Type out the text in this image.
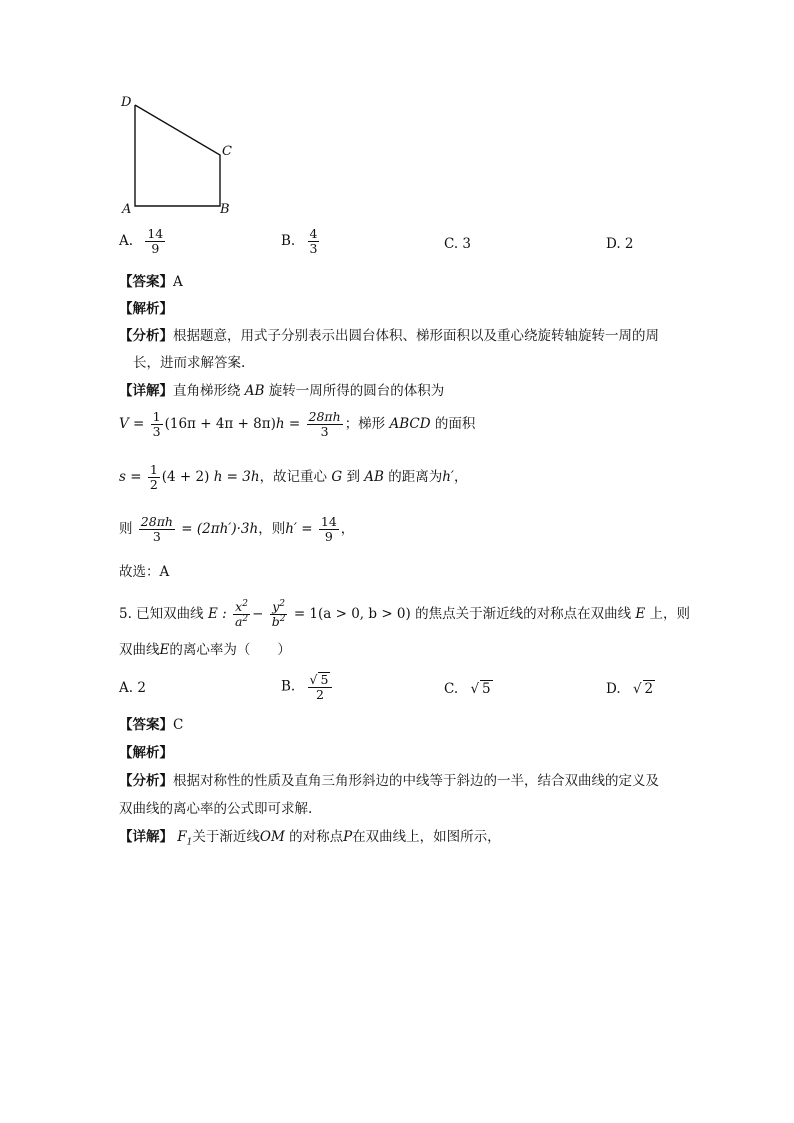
D
C
A	B
A. $\frac{14}{9}$	B. $\frac{4}{3}$	C. 3	D. 2
【答案】A
【解析】
【分析】根据题意，用式子分别表示出圆台体积、梯形面积以及重心绕旋转轴旋转一周的周
长，进而求解答案.
【详解】直角梯形绕 AB 旋转一周所得的圆台的体积为
$V = \frac{1}{3} (16\pi + 4\pi + 8\pi)h = \frac{28\pi h}{3}$ ；梯形 ABCD 的面积
$s = \frac{1}{2} (4 + 2) h = 3h$，故记重心 G 到 AB 的距离为h′，
则 $\frac{28\pi h}{3} = (2\pi h')\cdot 3h$，则$h' = \frac{14}{9}$ ，
故选：A
5. 已知双曲线 E : $\frac{x^2}{a^2} - \frac{y^2}{b^2} = 1(a > 0$, b > 0) 的焦点关于渐近线的对称点在双曲线 E 上，则
双曲线E的离心率为（　　）
A. 2	B. $\frac{√ 5}{2}$	C. √ 5	D. √ 2
【答案】C
【解析】
【分析】根据对称性的性质及直角三角形斜边的中线等于斜边的一半，结合双曲线的定义及
双曲线的离心率的公式即可求解.
【详解】 $F_1$关于渐近线OM 的对称点P在双曲线上，如图所示，
